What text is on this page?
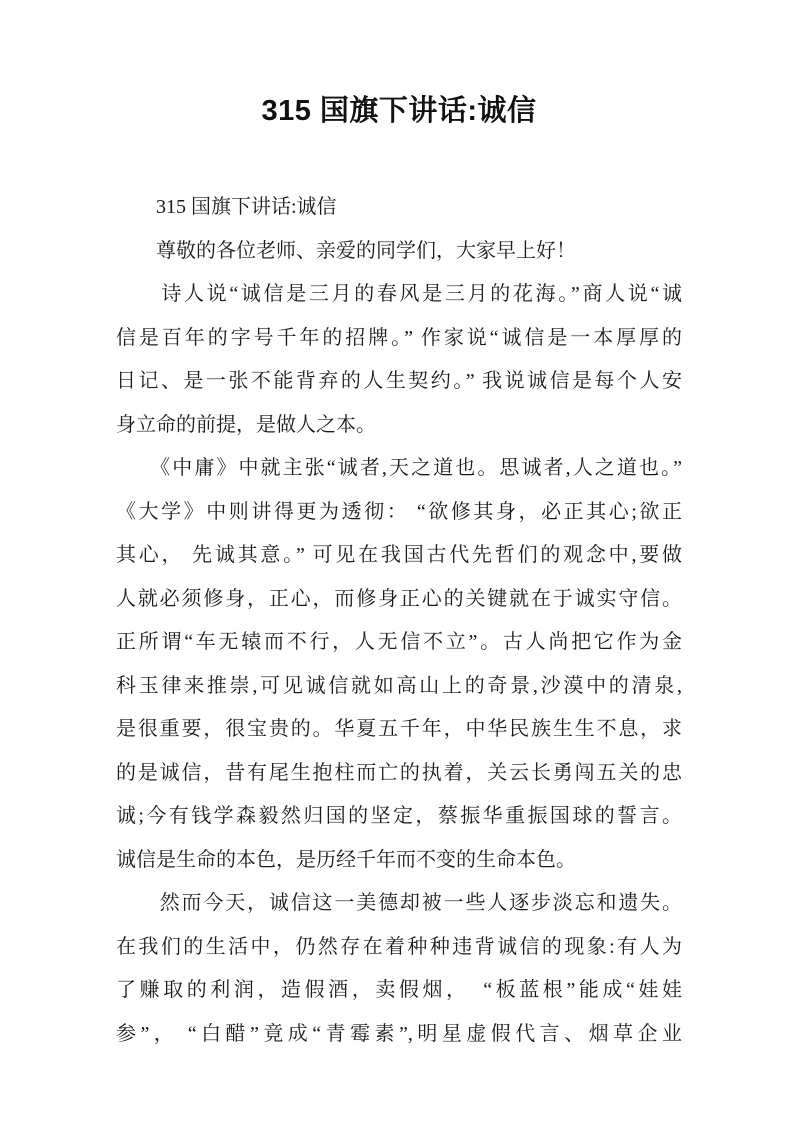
315 国旗下讲话:诚信
　　315 国旗下讲话:诚信
　　尊敬的各位老师、亲爱的同学们，大家早上好！
　　诗人说“诚信是三月的春风是三月的花海。”商人说“诚
信是百年的字号千年的招牌。” 作家说“诚信是一本厚厚的
日记、是一张不能背弃的人生契约。” 我说诚信是每个人安
身立命的前提，是做人之本。
　　《中庸》中就主张“诚者,天之道也。思诚者,人之道也。”
《大学》中则讲得更为透彻： “欲修其身，必正其心;欲正
其心， 先诚其意。” 可见在我国古代先哲们的观念中,要做
人就必须修身，正心，而修身正心的关键就在于诚实守信。
正所谓“车无辕而不行，人无信不立”。古人尚把它作为金
科玉律来推崇,可见诚信就如高山上的奇景,沙漠中的清泉,
是很重要，很宝贵的。华夏五千年，中华民族生生不息，求
的是诚信，昔有尾生抱柱而亡的执着，关云长勇闯五关的忠
诚;今有钱学森毅然归国的坚定，蔡振华重振国球的誓言。
诚信是生命的本色，是历经千年而不变的生命本色。
　　然而今天，诚信这一美德却被一些人逐步淡忘和遗失。
在我们的生活中，仍然存在着种种违背诚信的现象:有人为
了赚取的利润，造假酒，卖假烟，　“板蓝根”能成“娃娃
参”， “白醋”竟成“青霉素”,明星虚假代言、烟草企业
